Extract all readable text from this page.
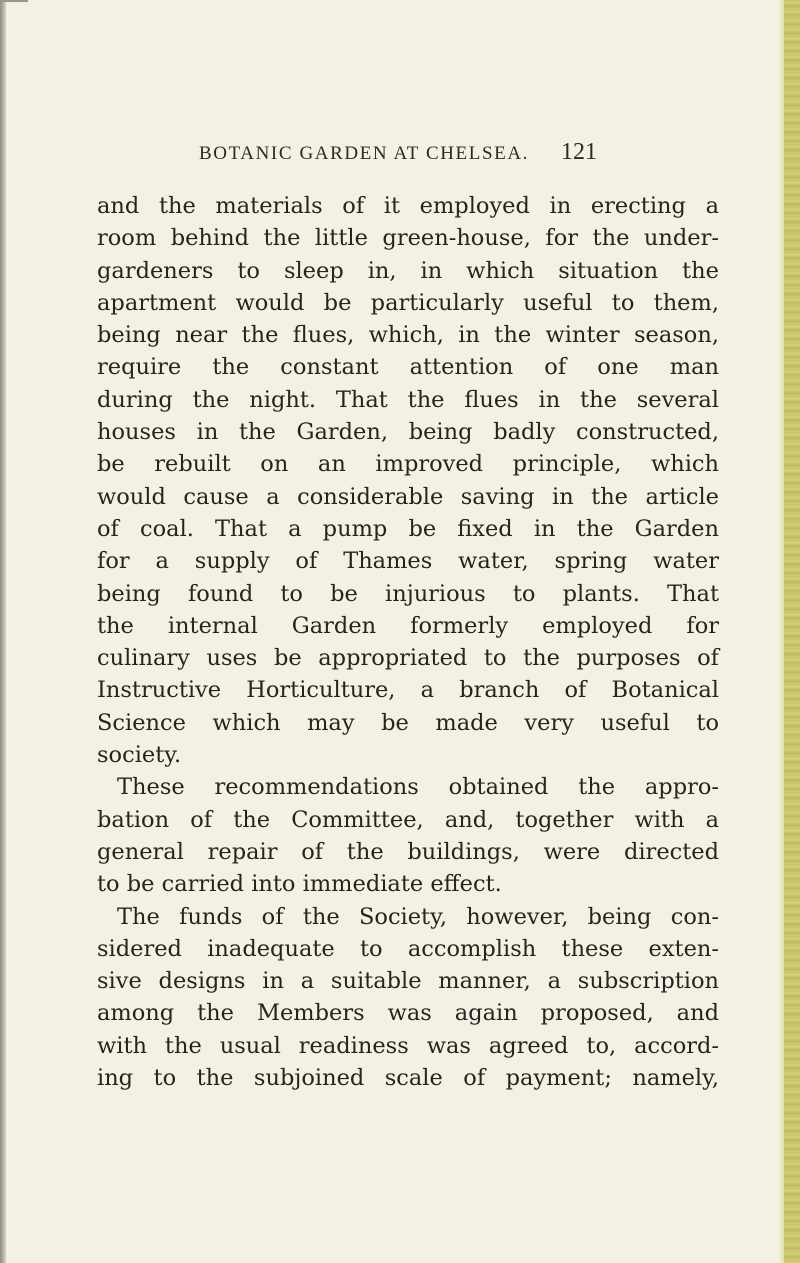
BOTANIC GARDEN AT CHELSEA. 121
and the materials of it employed in erecting a
room behind the little green-house, for the under-
gardeners to sleep in, in which situation the
apartment would be particularly useful to them,
being near the flues, which, in the winter season,
require the constant attention of one man
during the night. That the flues in the several
houses in the Garden, being badly constructed,
be rebuilt on an improved principle, which
would cause a considerable saving in the article
of coal. That a pump be fixed in the Garden
for a supply of Thames water, spring water
being found to be injurious to plants. That
the internal Garden formerly employed for
culinary uses be appropriated to the purposes of
Instructive Horticulture, a branch of Botanical
Science which may be made very useful to
society.
These recommendations obtained the appro-
bation of the Committee, and, together with a
general repair of the buildings, were directed
to be carried into immediate effect.
The funds of the Society, however, being con-
sidered inadequate to accomplish these exten-
sive designs in a suitable manner, a subscription
among the Members was again proposed, and
with the usual readiness was agreed to, accord-
ing to the subjoined scale of payment; namely,
